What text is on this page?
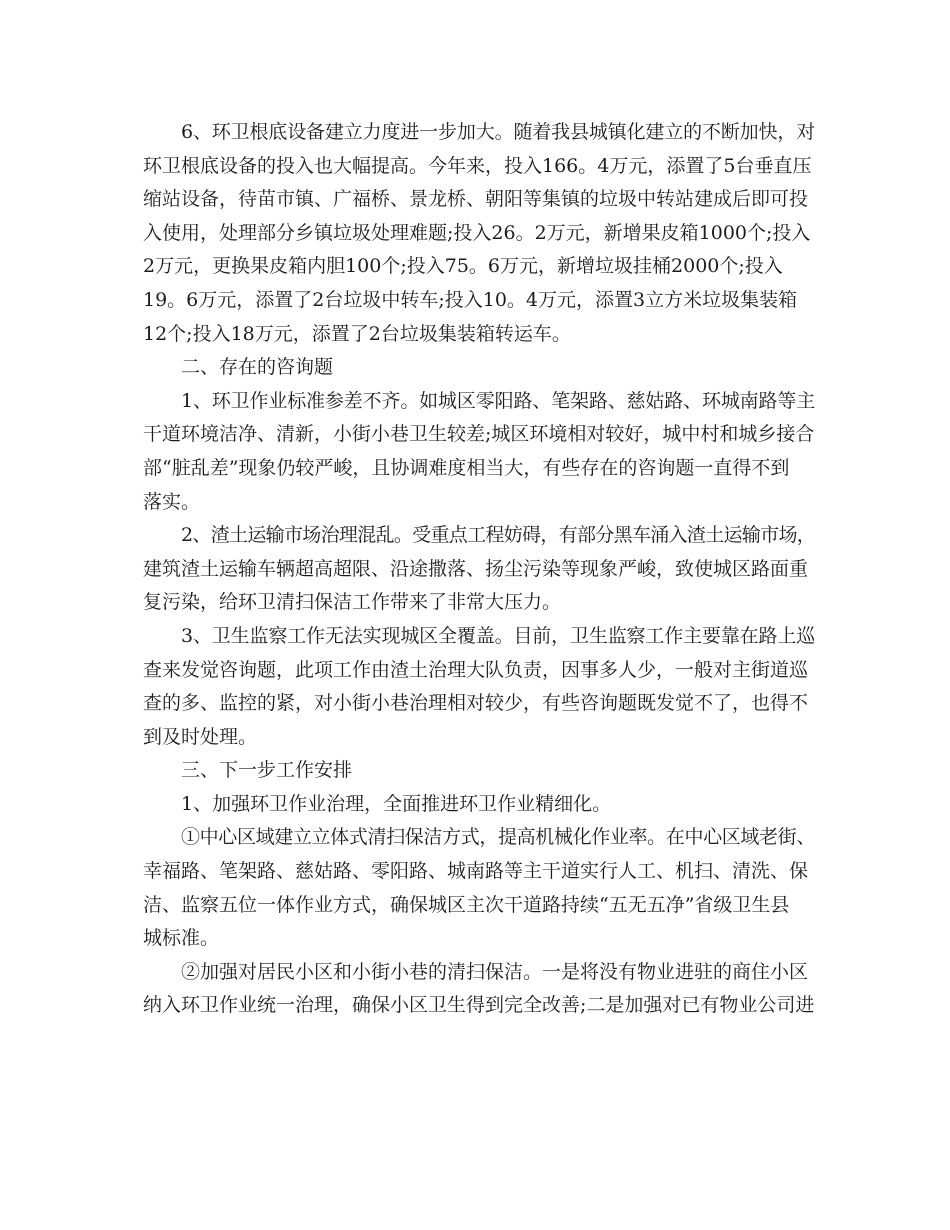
6、环卫根底设备建立力度进一步加大。随着我县城镇化建立的不断加快，对
环卫根底设备的投入也大幅提高。今年来，投入166。4万元，添置了5台垂直压
缩站设备，待苗市镇、广福桥、景龙桥、朝阳等集镇的垃圾中转站建成后即可投
入使用，处理部分乡镇垃圾处理难题;投入26。2万元，新增果皮箱1000个;投入
2万元，更换果皮箱内胆100个;投入75。6万元，新增垃圾挂桶2000个;投入
19。6万元，添置了2台垃圾中转车;投入10。4万元，添置3立方米垃圾集装箱
12个;投入18万元，添置了2台垃圾集装箱转运车。
二、存在的咨询题
1、环卫作业标准参差不齐。如城区零阳路、笔架路、慈姑路、环城南路等主
干道环境洁净、清新，小街小巷卫生较差;城区环境相对较好，城中村和城乡接合
部“脏乱差”现象仍较严峻，且协调难度相当大，有些存在的咨询题一直得不到
落实。
2、渣土运输市场治理混乱。受重点工程妨碍，有部分黑车涌入渣土运输市场，
建筑渣土运输车辆超高超限、沿途撒落、扬尘污染等现象严峻，致使城区路面重
复污染，给环卫清扫保洁工作带来了非常大压力。
3、卫生监察工作无法实现城区全覆盖。目前，卫生监察工作主要靠在路上巡
查来发觉咨询题，此项工作由渣土治理大队负责，因事多人少，一般对主街道巡
查的多、监控的紧，对小街小巷治理相对较少，有些咨询题既发觉不了，也得不
到及时处理。
三、下一步工作安排
1、加强环卫作业治理，全面推进环卫作业精细化。
①中心区域建立立体式清扫保洁方式，提高机械化作业率。在中心区域老街、
幸福路、笔架路、慈姑路、零阳路、城南路等主干道实行人工、机扫、清洗、保
洁、监察五位一体作业方式，确保城区主次干道路持续“五无五净”省级卫生县
城标准。
②加强对居民小区和小街小巷的清扫保洁。一是将没有物业进驻的商住小区
纳入环卫作业统一治理，确保小区卫生得到完全改善;二是加强对已有物业公司进
